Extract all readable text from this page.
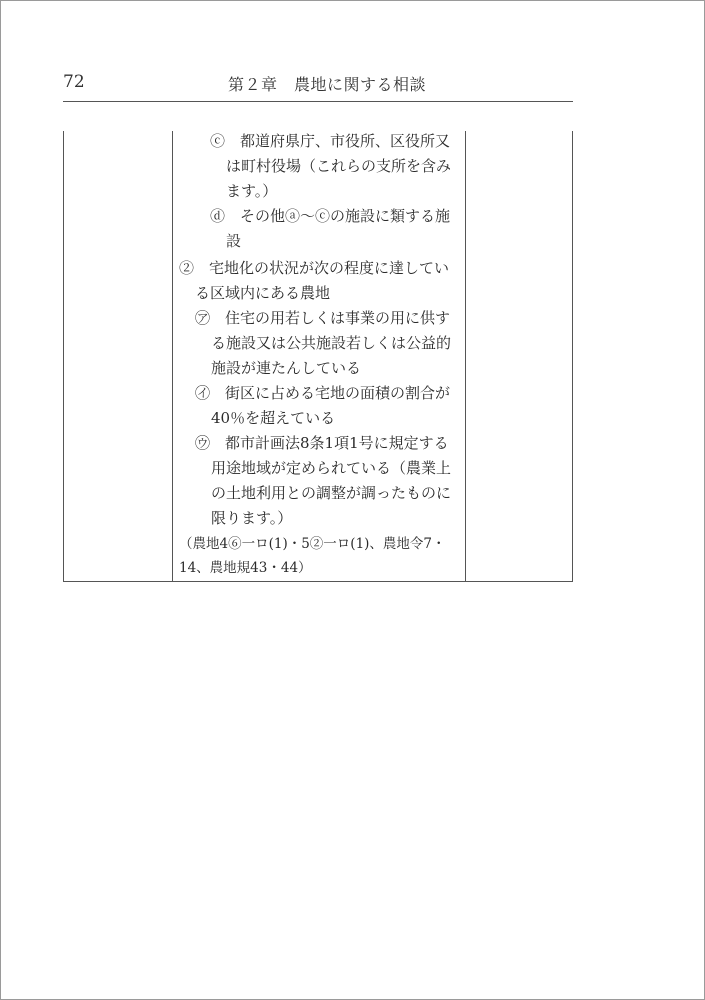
72	第２章　農地に関する相談
ⓒ　都道府県庁、市役所、区役所又
は町村役場（これらの支所を含み
ます。）
ⓓ　その他ⓐ～ⓒの施設に類する施
設
②　宅地化の状況が次の程度に達してい
る区域内にある農地
㋐　住宅の用若しくは事業の用に供す
る施設又は公共施設若しくは公益的
施設が連たんしている
㋑　街区に占める宅地の面積の割合が
40％を超えている
㋒　都市計画法8条1項1号に規定する
用途地域が定められている（農業上
の土地利用との調整が調ったものに
限ります。）
（農地4⑥一ロ(1)・5②一ロ(1)、農地令7・
14、農地規43・44）
